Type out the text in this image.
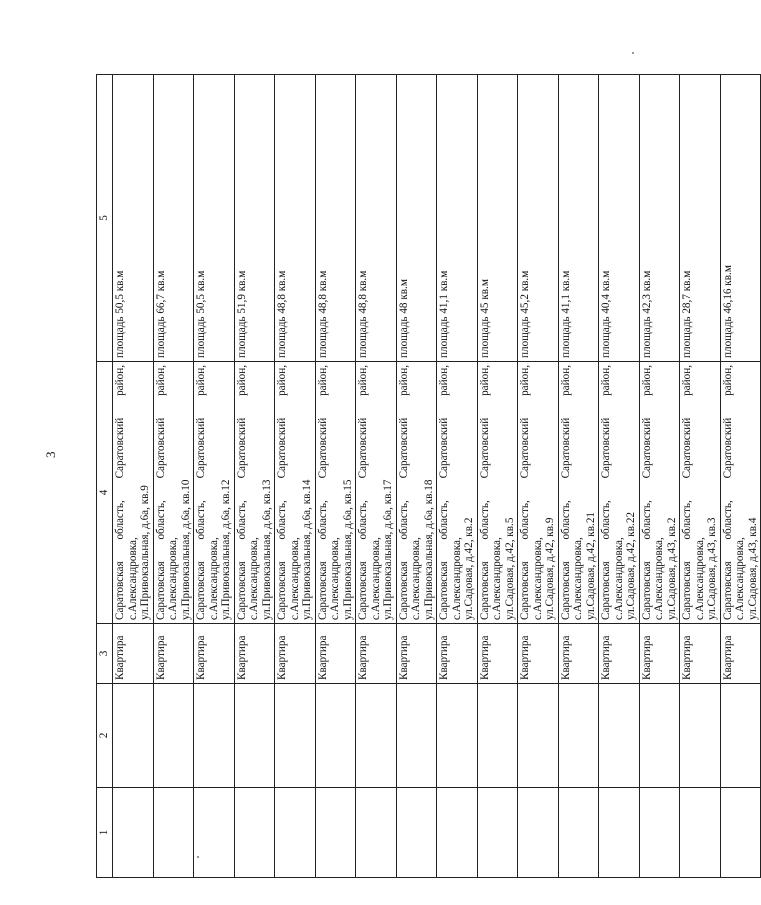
3
1	2	3	4	5
		Квартира	Саратовская область, Саратовский район, с.Александровка, ул.Привокзальная, д.6а, кв.9	площадь 50,5 кв.м
		Квартира	Саратовская область, Саратовский район, с.Александровка, ул.Привокзальная, д.6а, кв.10	площадь 66,7 кв.м
		Квартира	Саратовская область, Саратовский район, с.Александровка, ул.Привокзальная, д.6а, кв.12	площадь 50,5 кв.м
		Квартира	Саратовская область, Саратовский район, с.Александровка, ул.Привокзальная, д.6а, кв.13	площадь 51,9 кв.м
		Квартира	Саратовская область, Саратовский район, с.Александровка, ул.Привокзальная, д.6а, кв.14	площадь 48,8 кв.м
		Квартира	Саратовская область, Саратовский район, с.Александровка, ул.Привокзальная, д.6а, кв.15	площадь 48,8 кв.м
		Квартира	Саратовская область, Саратовский район, с.Александровка, ул.Привокзальная, д.6а, кв.17	площадь 48,8 кв.м
		Квартира	Саратовская область, Саратовский район, с.Александровка, ул.Привокзальная, д.6а, кв.18	площадь 48 кв.м
		Квартира	Саратовская область, Саратовский район, с.Александровка, ул.Садовая, д.42, кв.2	площадь 41,1 кв.м
		Квартира	Саратовская область, Саратовский район, с.Александровка, ул.Садовая, д.42, кв.5	площадь 45 кв.м
		Квартира	Саратовская область, Саратовский район, с.Александровка, ул.Садовая, д.42, кв.9	площадь 45,2 кв.м
		Квартира	Саратовская область, Саратовский район, с.Александровка, ул.Садовая, д.42, кв.21	площадь 41,1 кв.м
		Квартира	Саратовская область, Саратовский район, с.Александровка, ул.Садовая, д.42, кв.22	площадь 40,4 кв.м
		Квартира	Саратовская область, Саратовский район, с.Александровка, ул.Садовая, д.43, кв.2	площадь 42,3 кв.м
		Квартира	Саратовская область, Саратовский район, с.Александровка, ул.Садовая, д.43, кв.3	площадь 28,7 кв.м
		Квартира	Саратовская область, Саратовский район, с.Александровка, ул.Садовая, д.43, кв.4	площадь 46,16 кв.м
